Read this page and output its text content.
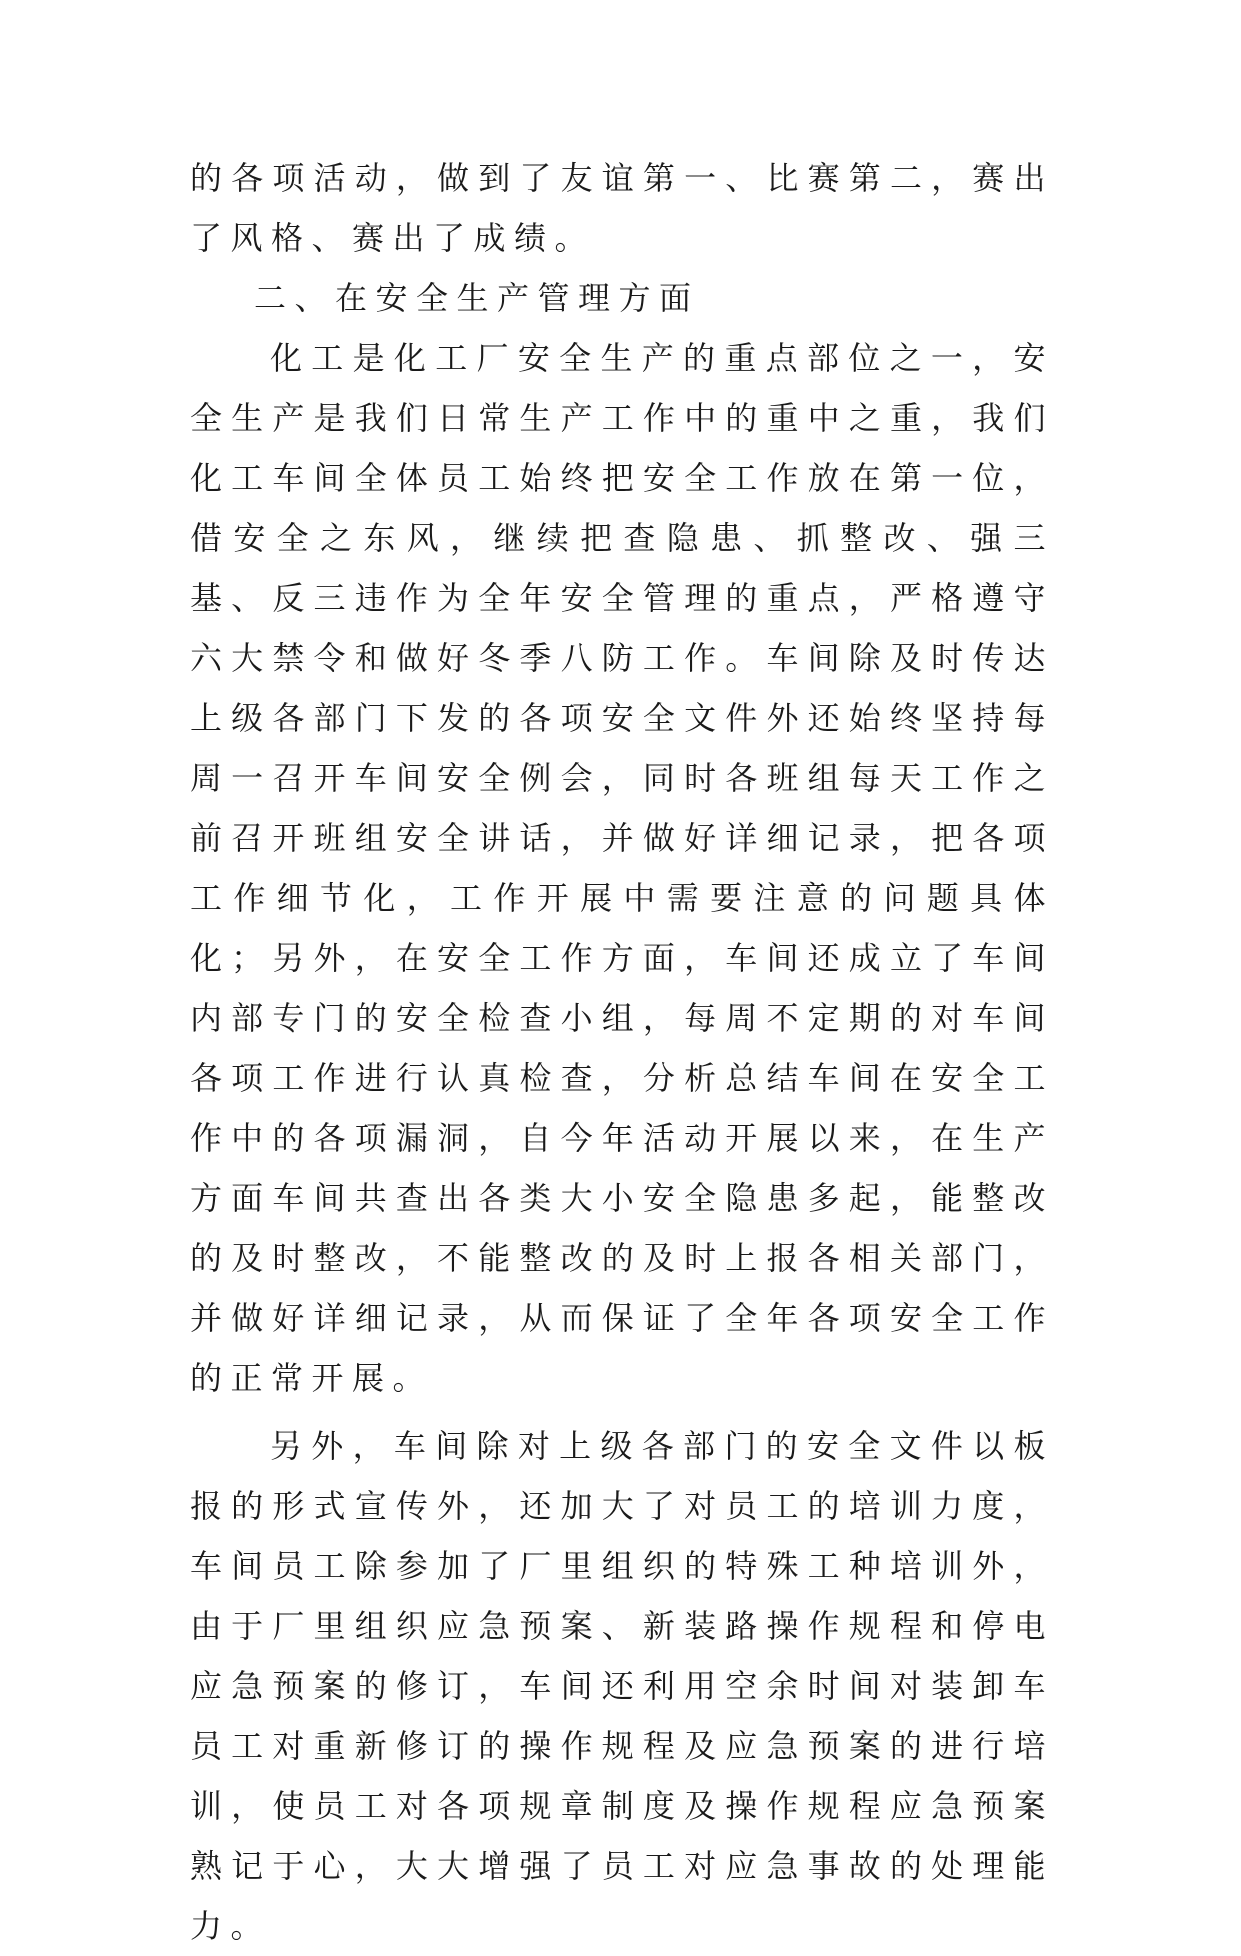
的各项活动，做到了友谊第一、比赛第二，赛出了风格、赛出了成绩。

二、在安全生产管理方面

化工是化工厂安全生产的重点部位之一，安全生产是我们日常生产工作中的重中之重，我们化工车间全体员工始终把安全工作放在第一位，借安全之东风，继续把查隐患、抓整改、强三基、反三违作为全年安全管理的重点，严格遵守六大禁令和做好冬季八防工作。车间除及时传达上级各部门下发的各项安全文件外还始终坚持每周一召开车间安全例会，同时各班组每天工作之前召开班组安全讲话，并做好详细记录，把各项工作细节化，工作开展中需要注意的问题具体化；另外，在安全工作方面，车间还成立了车间内部专门的安全检查小组，每周不定期的对车间各项工作进行认真检查，分析总结车间在安全工作中的各项漏洞，自今年活动开展以来，在生产方面车间共查出各类大小安全隐患多起，能整改的及时整改，不能整改的及时上报各相关部门，并做好详细记录，从而保证了全年各项安全工作的正常开展。

另外，车间除对上级各部门的安全文件以板报的形式宣传外，还加大了对员工的培训力度，车间员工除参加了厂里组织的特殊工种培训外，由于厂里组织应急预案、新装路操作规程和停电应急预案的修订，车间还利用空余时间对装卸车员工对重新修订的操作规程及应急预案的进行培训，使员工对各项规章制度及操作规程应急预案熟记于心，大大增强了员工对应急事故的处理能力。
